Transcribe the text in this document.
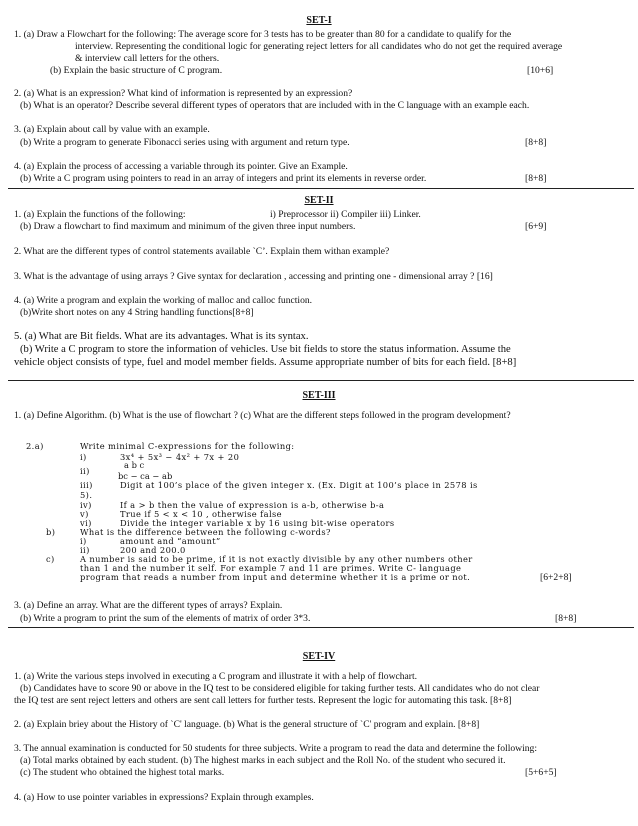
SET-I
1. (a) Draw a Flowchart for the following: The average score for 3 tests has to be greater than 80 for a candidate to qualify for the
interview. Representing the conditional logic for generating reject letters for all candidates who do not get the required average
& interview call letters for the others.
(b) Explain the basic structure of C program.	[10+6]
2. (a) What is an expression? What kind of information is represented by an expression?
(b) What is an operator? Describe several different types of operators that are included with in the C language with an example each.
3. (a) Explain about call by value with an example.
(b) Write a program to generate Fibonacci series using with argument and return type.	[8+8]
4. (a) Explain the process of accessing a variable through its pointer. Give an Example.
(b) Write a C program using pointers to read in an array of integers and print its elements in reverse order.	[8+8]
SET-II
1. (a) Explain the functions of the following:	i) Preprocessor ii) Compiler iii) Linker.
(b) Draw a flowchart to find maximum and minimum of the given three input numbers.	[6+9]
2. What are the different types of control statements available `C’. Explain them withan example?
3. What is the advantage of using arrays ? Give syntax for declaration , accessing and printing one - dimensional array ? [16]
4. (a) Write a program and explain the working of malloc and calloc function.
(b)Write short notes on any 4 String handling functions[8+8]
5. (a) What are Bit fields. What are its advantages. What is its syntax.
(b) Write a C program to store the information of vehicles. Use bit fields to store the status information. Assume the
vehicle object consists of type, fuel and model member fields. Assume appropriate number of bits for each field. [8+8]
SET-III
1. (a) Define Algorithm. (b) What is the use of flowchart ? (c) What are the different steps followed in the program development?
2.a)	Write minimal C-expressions for the following:
i)	3x⁴ + 5x³ − 4x² + 7x + 20
ii)
a b c
bc − ca − ab
iii)	Digit at 100’s place of the given integer x. (Ex. Digit at 100’s place in 2578 is
5).
iv)	If a > b then the value of expression is a-b, otherwise b-a
v)	True if 5 < x < 10 , otherwise false
vi)	Divide the integer variable x by 16 using bit-wise operators
b)	What is the difference between the following c-words?
i)	amount and “amount”
ii)	200 and 200.0
c)	A number is said to be prime, if it is not exactly divisible by any other numbers other
than 1 and the number it self. For example 7 and 11 are primes. Write C- language
program that reads a number from input and determine whether it is a prime or not.	[6+2+8]
3. (a) Define an array. What are the different types of arrays? Explain.
(b) Write a program to print the sum of the elements of matrix of order 3*3.	[8+8]
SET-IV
1. (a) Write the various steps involved in executing a C program and illustrate it with a help of flowchart.
(b) Candidates have to score 90 or above in the IQ test to be considered eligible for taking further tests. All candidates who do not clear
the IQ test are sent reject letters and others are sent call letters for further tests. Represent the logic for automating this task. [8+8]
2. (a) Explain briey about the History of `C' language. (b) What is the general structure of `C' program and explain. [8+8]
3. The annual examination is conducted for 50 students for three subjects. Write a program to read the data and determine the following:
(a) Total marks obtained by each student. (b) The highest marks in each subject and the Roll No. of the student who secured it.
(c) The student who obtained the highest total marks.	[5+6+5]
4. (a) How to use pointer variables in expressions? Explain through examples.
